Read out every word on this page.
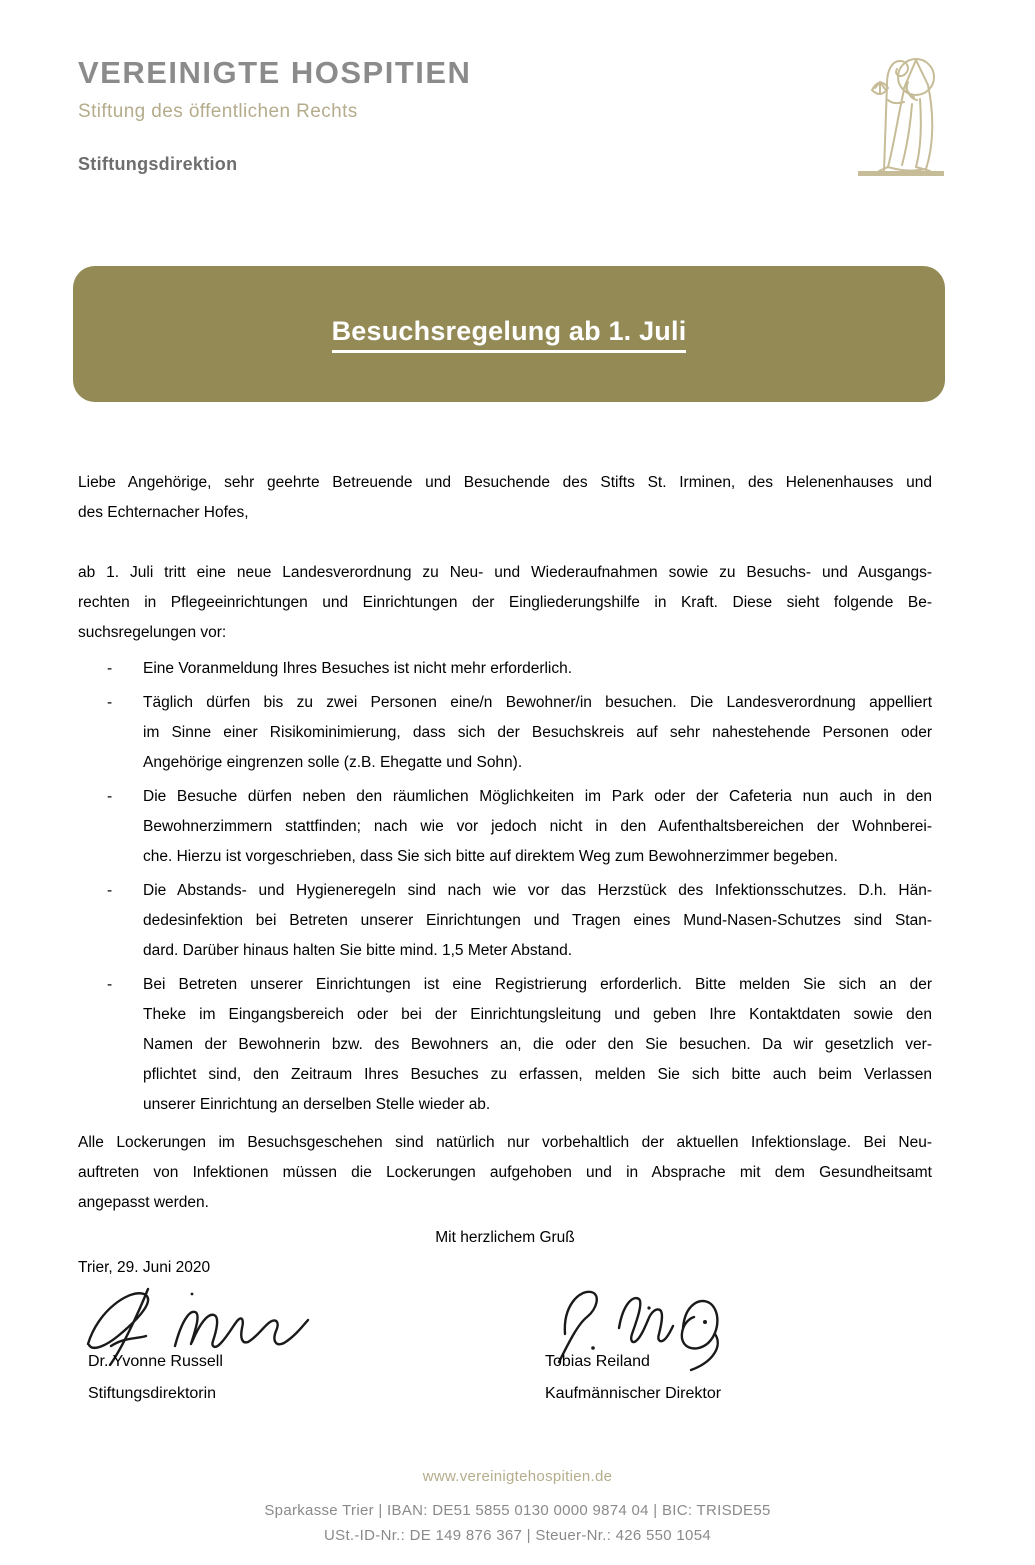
VEREINIGTE HOSPITIEN
Stiftung des öffentlichen Rechts
Stiftungsdirektion
Besuchsregelung ab 1. Juli
Liebe Angehörige, sehr geehrte Betreuende und Besuchende des Stifts St. Irminen, des Helenenhauses und
des Echternacher Hofes,
ab 1. Juli tritt eine neue Landesverordnung zu Neu- und Wiederaufnahmen sowie zu Besuchs- und Ausgangs-
rechten in Pflegeeinrichtungen und Einrichtungen der Eingliederungshilfe in Kraft. Diese sieht folgende Be-
suchsregelungen vor:
- Eine Voranmeldung Ihres Besuches ist nicht mehr erforderlich.
- Täglich dürfen bis zu zwei Personen eine/n Bewohner/in besuchen. Die Landesverordnung appelliert
im Sinne einer Risikominimierung, dass sich der Besuchskreis auf sehr nahestehende Personen oder
Angehörige eingrenzen solle (z.B. Ehegatte und Sohn).
- Die Besuche dürfen neben den räumlichen Möglichkeiten im Park oder der Cafeteria nun auch in den
Bewohnerzimmern stattfinden; nach wie vor jedoch nicht in den Aufenthaltsbereichen der Wohnberei-
che. Hierzu ist vorgeschrieben, dass Sie sich bitte auf direktem Weg zum Bewohnerzimmer begeben.
- Die Abstands- und Hygieneregeln sind nach wie vor das Herzstück des Infektionsschutzes. D.h. Hän-
dedesinfektion bei Betreten unserer Einrichtungen und Tragen eines Mund-Nasen-Schutzes sind Stan-
dard. Darüber hinaus halten Sie bitte mind. 1,5 Meter Abstand.
- Bei Betreten unserer Einrichtungen ist eine Registrierung erforderlich. Bitte melden Sie sich an der
Theke im Eingangsbereich oder bei der Einrichtungsleitung und geben Ihre Kontaktdaten sowie den
Namen der Bewohnerin bzw. des Bewohners an, die oder den Sie besuchen. Da wir gesetzlich ver-
pflichtet sind, den Zeitraum Ihres Besuches zu erfassen, melden Sie sich bitte auch beim Verlassen
unserer Einrichtung an derselben Stelle wieder ab.
Alle Lockerungen im Besuchsgeschehen sind natürlich nur vorbehaltlich der aktuellen Infektionslage. Bei Neu-
auftreten von Infektionen müssen die Lockerungen aufgehoben und in Absprache mit dem Gesundheitsamt
angepasst werden.
Mit herzlichem Gruß
Trier, 29. Juni 2020
Dr. Yvonne Russell
Stiftungsdirektorin
Tobias Reiland
Kaufmännischer Direktor
www.vereinigtehospitien.de
Sparkasse Trier | IBAN: DE51 5855 0130 0000 9874 04 | BIC: TRISDE55
USt.-ID-Nr.: DE 149 876 367 | Steuer-Nr.: 426 550 1054
